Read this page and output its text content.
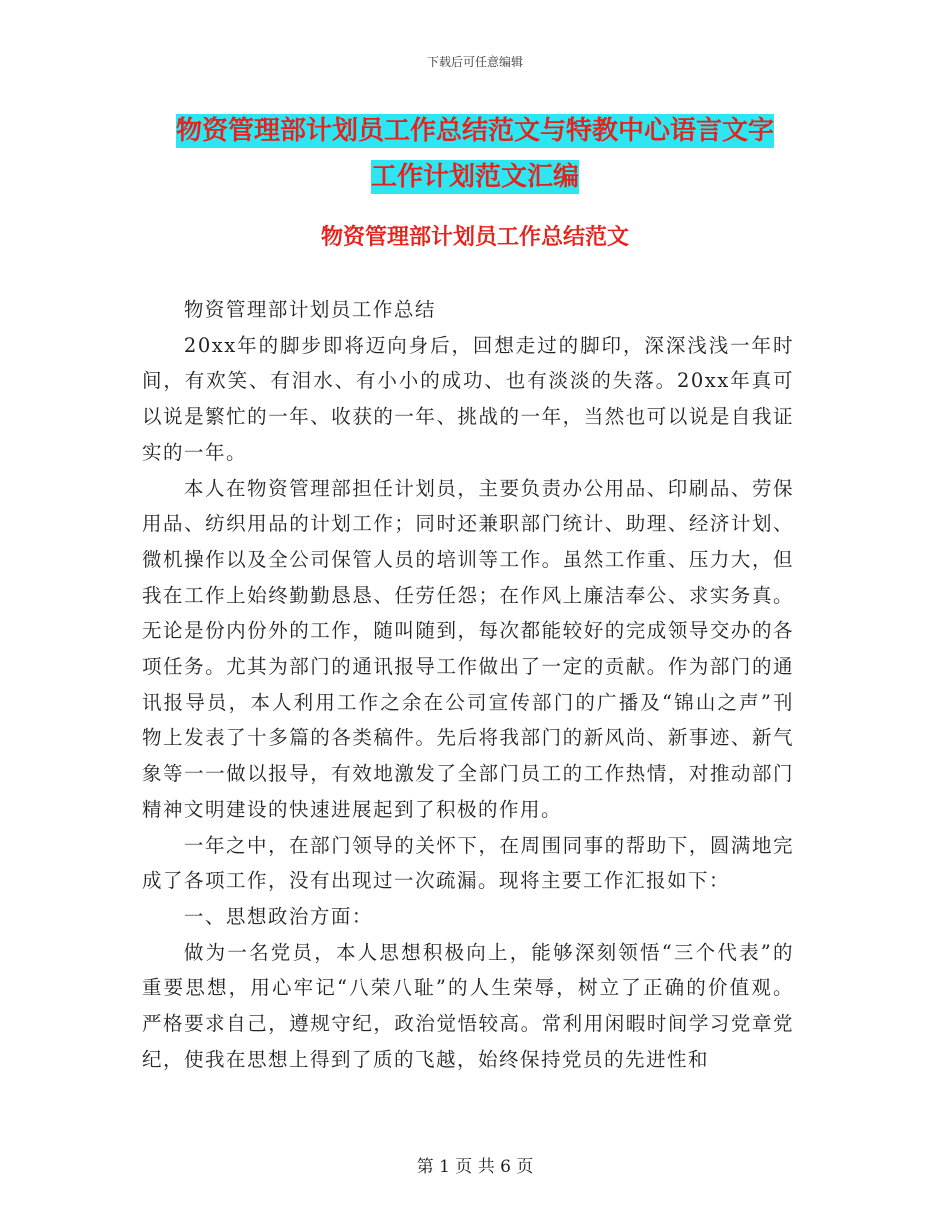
下载后可任意编辑
物资管理部计划员工作总结范文与特教中心语言文字
工作计划范文汇编
物资管理部计划员工作总结范文

物资管理部计划员工作总结

20xx年的脚步即将迈向身后，回想走过的脚印，深深浅浅一年时间，有欢笑、有泪水、有小小的成功、也有淡淡的失落。20xx年真可以说是繁忙的一年、收获的一年、挑战的一年，当然也可以说是自我证实的一年。

本人在物资管理部担任计划员，主要负责办公用品、印刷品、劳保用品、纺织用品的计划工作；同时还兼职部门统计、助理、经济计划、微机操作以及全公司保管人员的培训等工作。虽然工作重、压力大，但我在工作上始终勤勤恳恳、任劳任怨；在作风上廉洁奉公、求实务真。无论是份内份外的工作，随叫随到，每次都能较好的完成领导交办的各项任务。尤其为部门的通讯报导工作做出了一定的贡献。作为部门的通讯报导员，本人利用工作之余在公司宣传部门的广播及“锦山之声”刊物上发表了十多篇的各类稿件。先后将我部门的新风尚、新事迹、新气象等一一做以报导，有效地激发了全部门员工的工作热情，对推动部门精神文明建设的快速进展起到了积极的作用。

一年之中，在部门领导的关怀下，在周围同事的帮助下，圆满地完成了各项工作，没有出现过一次疏漏。现将主要工作汇报如下：

一、思想政治方面：

做为一名党员，本人思想积极向上，能够深刻领悟“三个代表”的重要思想，用心牢记“八荣八耻”的人生荣辱，树立了正确的价值观。严格要求自己，遵规守纪，政治觉悟较高。常利用闲暇时间学习党章党纪，使我在思想上得到了质的飞越，始终保持党员的先进性和

第 1 页 共 6 页
